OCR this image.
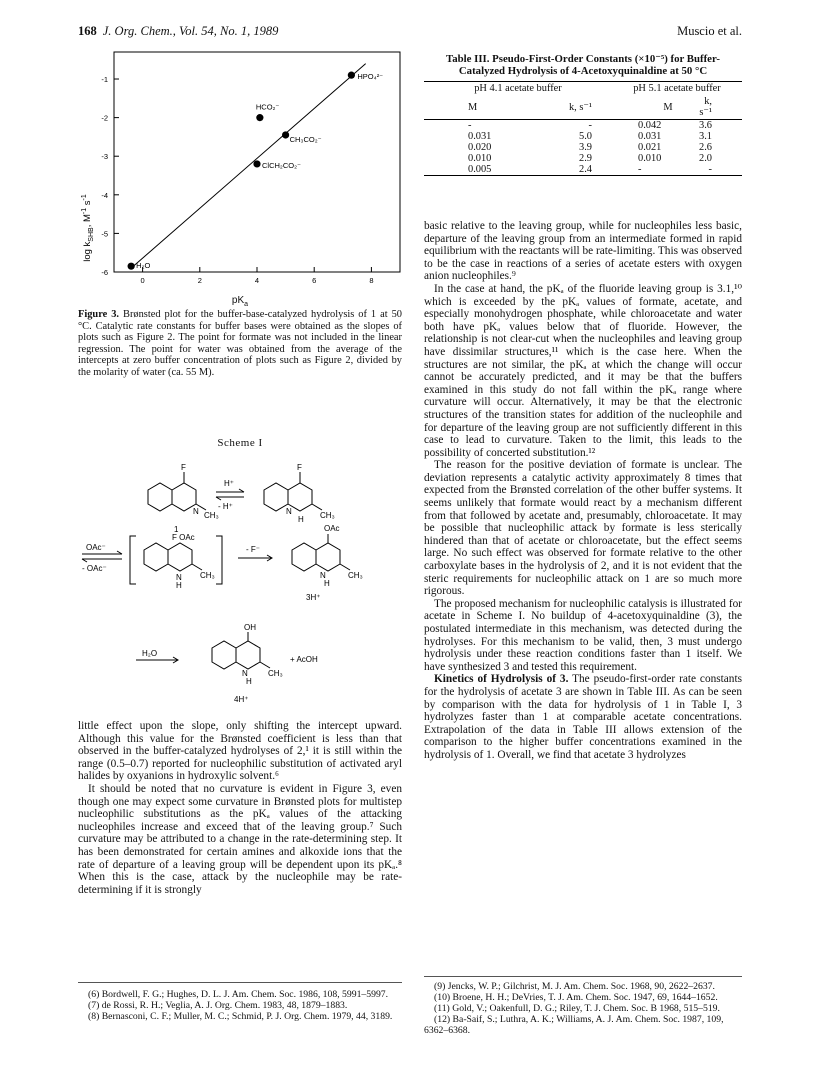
168 J. Org. Chem., Vol. 54, No. 1, 1989	Muscio et al.
$\log k_{SHB}$, $M^{-1}$ $s^{-1}$
0	2	4	6	8
-1
-2
-3
-4
-5
-6
H₂O
ClCH₂CO₂⁻
HCO₂⁻
CH₃CO₂⁻
HPO₄²⁻
$pK_a$
Figure 3. Brønsted plot for the buffer-base-catalyzed hydrolysis of 1 at 50 °C. Catalytic rate constants for buffer bases were obtained as the slopes of plots such as Figure 2. The point for formate was not included in the linear regression. The point for water was obtained from the average of the intercepts at zero buffer concentration of plots such as Figure 2, divided by the molarity of water (ca. 55 M).
Scheme I
F	F
CH₃	CH₃
N	N
H
H⁺
- H⁺
1
OAc⁻
- OAc⁻
F OAc
N
H
CH₃
- F⁻
OAc
N
H
CH₃
3H⁺
OH
H₂O
+ AcOH
N
H
CH₃
4H⁺

little effect upon the slope, only shifting the intercept upward. Although this value for the Brønsted coefficient is less than that observed in the buffer-catalyzed hydrolyses of 2,¹ it is still within the range (0.5–0.7) reported for nucleophilic substitution of activated aryl halides by oxyanions in hydroxylic solvent.⁶

It should be noted that no curvature is evident in Figure 3, even though one may expect some curvature in Brønsted plots for multistep nucleophilic substitutions as the pKₐ values of the attacking nucleophiles increase and exceed that of the leaving group.⁷ Such curvature may be attributed to a change in the rate-determining step. It has been demonstrated for certain amines and alkoxide ions that the rate of departure of a leaving group will be dependent upon its pKₐ.⁸ When this is the case, attack by the nucleophile may be rate-determining if it is strongly

(6) Bordwell, F. G.; Hughes, D. L. J. Am. Chem. Soc. 1986, 108, 5991–5997.

(7) de Rossi, R. H.; Veglia, A. J. Org. Chem. 1983, 48, 1879–1883.

(8) Bernasconi, C. F.; Muller, M. C.; Schmid, P. J. Org. Chem. 1979, 44, 3189.

Table III. Pseudo-First-Order Constants (×10⁻⁵) for Buffer-Catalyzed Hydrolysis of 4-Acetoxyquinaldine at 50 °C
pH 4.1 acetate buffer		pH 5.1 acetate buffer	
M	k, s⁻¹	M	k, s⁻¹
-	-	0.042	3.6
0.031	5.0	0.031	3.1
0.020	3.9	0.021	2.6
0.010	2.9	0.010	2.0
0.005	2.4	-	-

basic relative to the leaving group, while for nucleophiles less basic, departure of the leaving group from an intermediate formed in rapid equilibrium with the reactants will be rate-limiting. This was observed to be the case in reactions of a series of acetate esters with oxygen anion nucleophiles.⁹

In the case at hand, the pKₐ of the fluoride leaving group is 3.1,¹⁰ which is exceeded by the pKₐ values of formate, acetate, and especially monohydrogen phosphate, while chloroacetate and water both have pKₐ values below that of fluoride. However, the relationship is not clear-cut when the nucleophiles and leaving group have dissimilar structures,¹¹ which is the case here. When the structures are not similar, the pKₐ at which the change will occur cannot be accurately predicted, and it may be that the buffers examined in this study do not fall within the pKₐ range where curvature will occur. Alternatively, it may be that the electronic structures of the transition states for addition of the nucleophile and for departure of the leaving group are not sufficiently different in this case to lead to curvature. Taken to the limit, this leads to the possibility of concerted substitution.¹²

The reason for the positive deviation of formate is unclear. The deviation represents a catalytic activity approximately 8 times that expected from the Brønsted correlation of the other buffer systems. It seems unlikely that formate would react by a mechanism different from that followed by acetate and, presumably, chloroacetate. It may be possible that nucleophilic attack by formate is less sterically hindered than that of acetate or chloroacetate, but the effect seems large. No such effect was observed for formate relative to the other carboxylate bases in the hydrolysis of 2, and it is not evident that the steric requirements for nucleophilic attack on 1 are so much more rigorous.

The proposed mechanism for nucleophilic catalysis is illustrated for acetate in Scheme I. No buildup of 4-acetoxyquinaldine (3), the postulated intermediate in this mechanism, was detected during the hydrolyses. For this mechanism to be valid, then, 3 must undergo hydrolysis under these reaction conditions faster than 1 itself. We have synthesized 3 and tested this requirement.

Kinetics of Hydrolysis of 3. The pseudo-first-order rate constants for the hydrolysis of acetate 3 are shown in Table III. As can be seen by comparison with the data for hydrolysis of 1 in Table I, 3 hydrolyzes faster than 1 at comparable acetate concentrations. Extrapolation of the data in Table III allows extension of the comparison to the higher buffer concentrations examined in the hydrolysis of 1. Overall, we find that acetate 3 hydrolyzes

(9) Jencks, W. P.; Gilchrist, M. J. Am. Chem. Soc. 1968, 90, 2622–2637.

(10) Broene, H. H.; DeVries, T. J. Am. Chem. Soc. 1947, 69, 1644–1652.

(11) Gold, V.; Oakenfull, D. G.; Riley, T. J. Chem. Soc. B 1968, 515–519.

(12) Ba-Saif, S.; Luthra, A. K.; Williams, A. J. Am. Chem. Soc. 1987, 109, 6362–6368.
